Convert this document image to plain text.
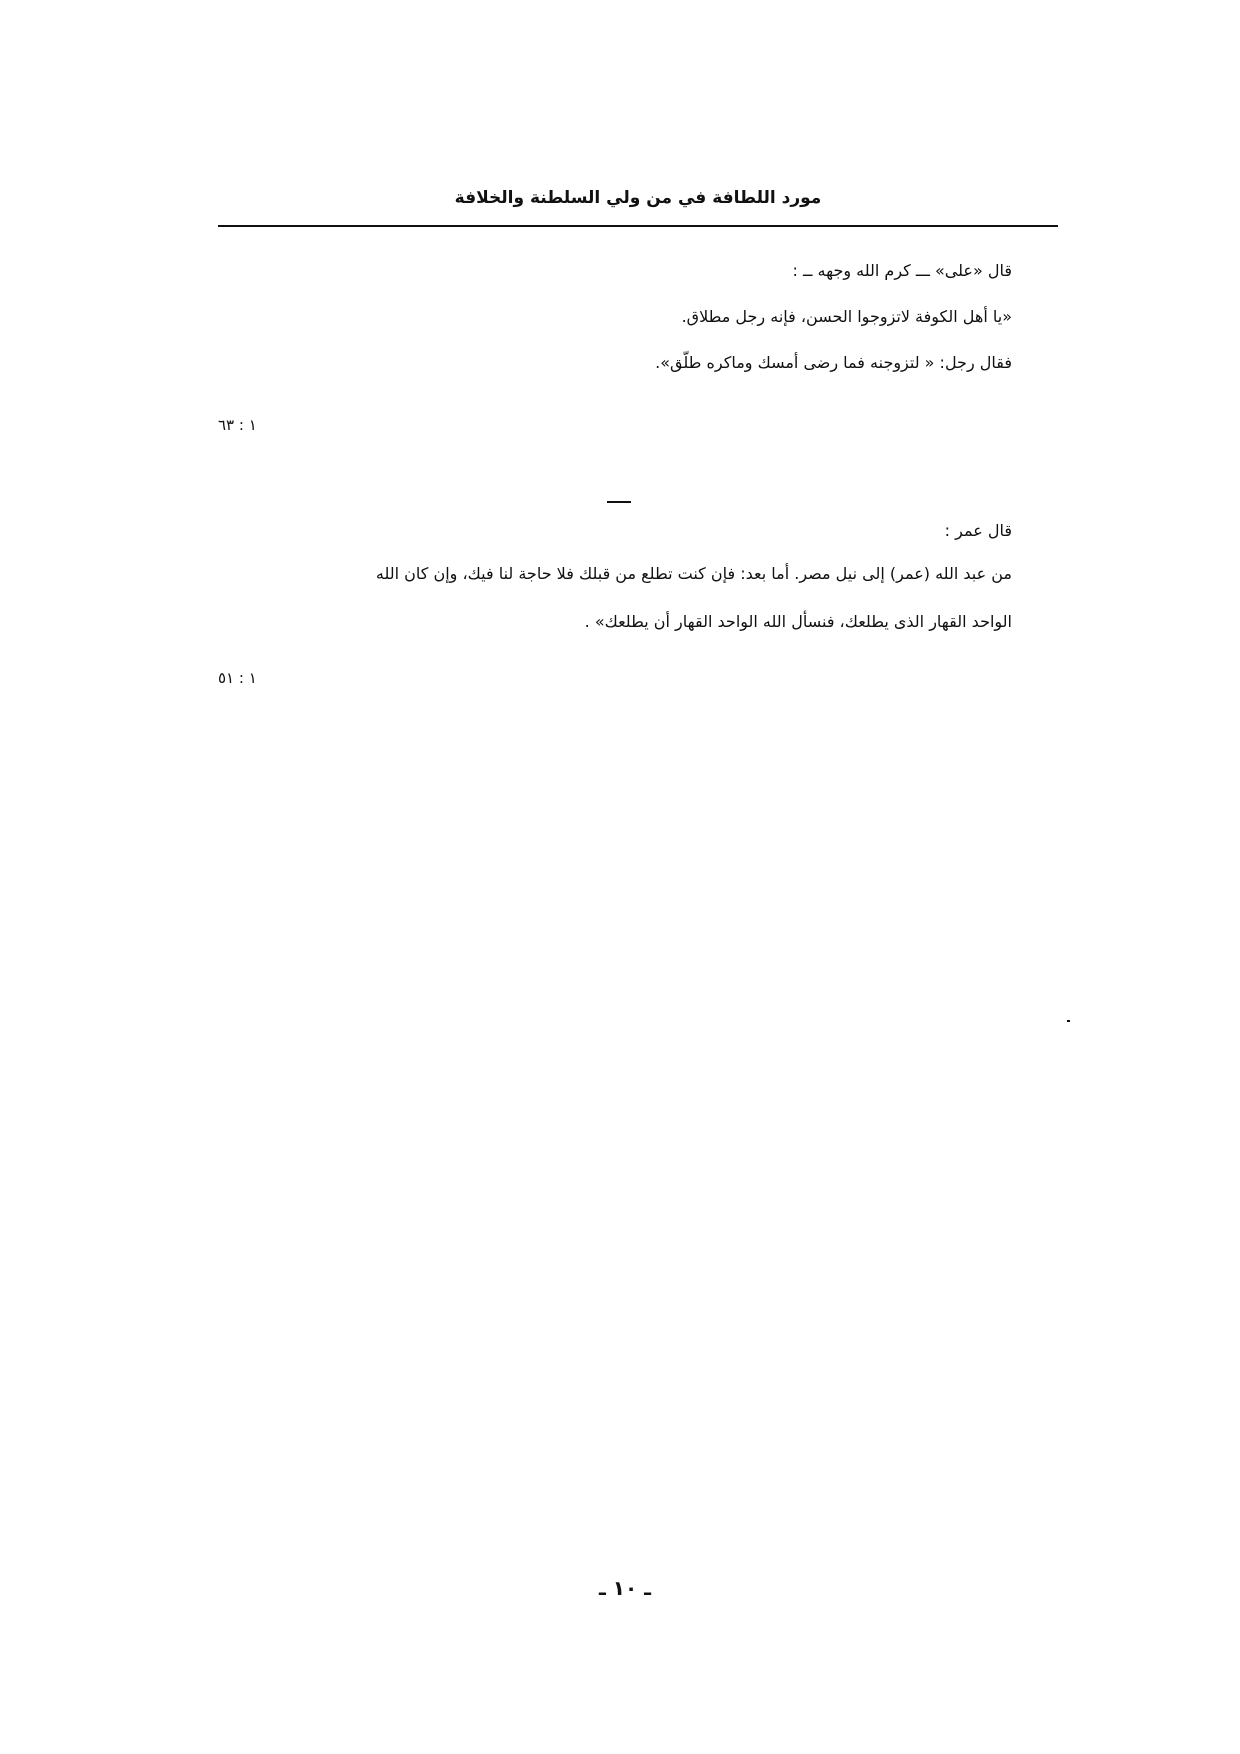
مورد اللطافة في من ولي السلطنة والخلافة
قال «على» ـــ كرم الله وجهه ــ :
«يا أهل الكوفة لاتزوجوا الحسن، فإنه رجل مطلاق.
فقال رجل: « لتزوجنه فما رضى أمسك وماكره طلّق».
١ : ٦٣
قال عمر :
من عبد الله (عمر) إلى نيل مصر. أما بعد: فإن كنت تطلع من قبلك فلا حاجة لنا فيك، وإن كان الله
الواحد القهار الذى يطلعك، فنسأل الله الواحد القهار أن يطلعك» .
١ : ٥١
ـ ١٠ ـ
